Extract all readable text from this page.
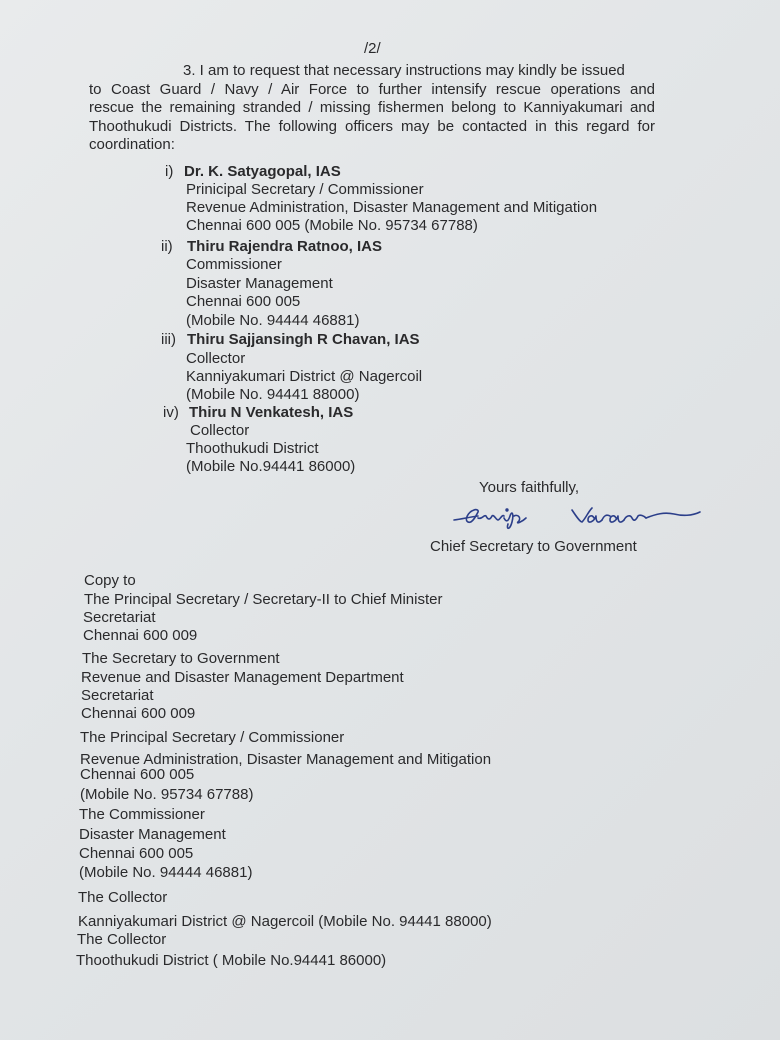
/2/
3. I am to request that necessary instructions may kindly be issued
to Coast Guard / Navy / Air Force to further intensify rescue operations and
rescue the remaining stranded / missing fishermen belong to Kanniyakumari and
Thoothukudi Districts. The following officers may be contacted in this regard for
coordination:
i) Dr. K. Satyagopal, IAS
Prinicipal Secretary / Commissioner
Revenue Administration, Disaster Management and Mitigation
Chennai 600 005 (Mobile No. 95734 67788)
ii) Thiru Rajendra Ratnoo, IAS
Commissioner
Disaster Management
Chennai 600 005
(Mobile No. 94444 46881)
iii) Thiru Sajjansingh R Chavan, IAS
Collector
Kanniyakumari District @ Nagercoil
(Mobile No. 94441 88000)
iv) Thiru N Venkatesh, IAS
Collector
Thoothukudi District
(Mobile No.94441 86000)
Yours faithfully,
Chief Secretary to Government
Copy to
The Principal Secretary / Secretary-II to Chief Minister
Secretariat
Chennai 600 009
The Secretary to Government
Revenue and Disaster Management Department
Secretariat
Chennai 600 009
The Principal Secretary / Commissioner
Revenue Administration, Disaster Management and Mitigation
Chennai 600 005
(Mobile No. 95734 67788)
The Commissioner
Disaster Management
Chennai 600 005
(Mobile No. 94444 46881)
The Collector
Kanniyakumari District @ Nagercoil (Mobile No. 94441 88000)
The Collector
Thoothukudi District ( Mobile No.94441 86000)
